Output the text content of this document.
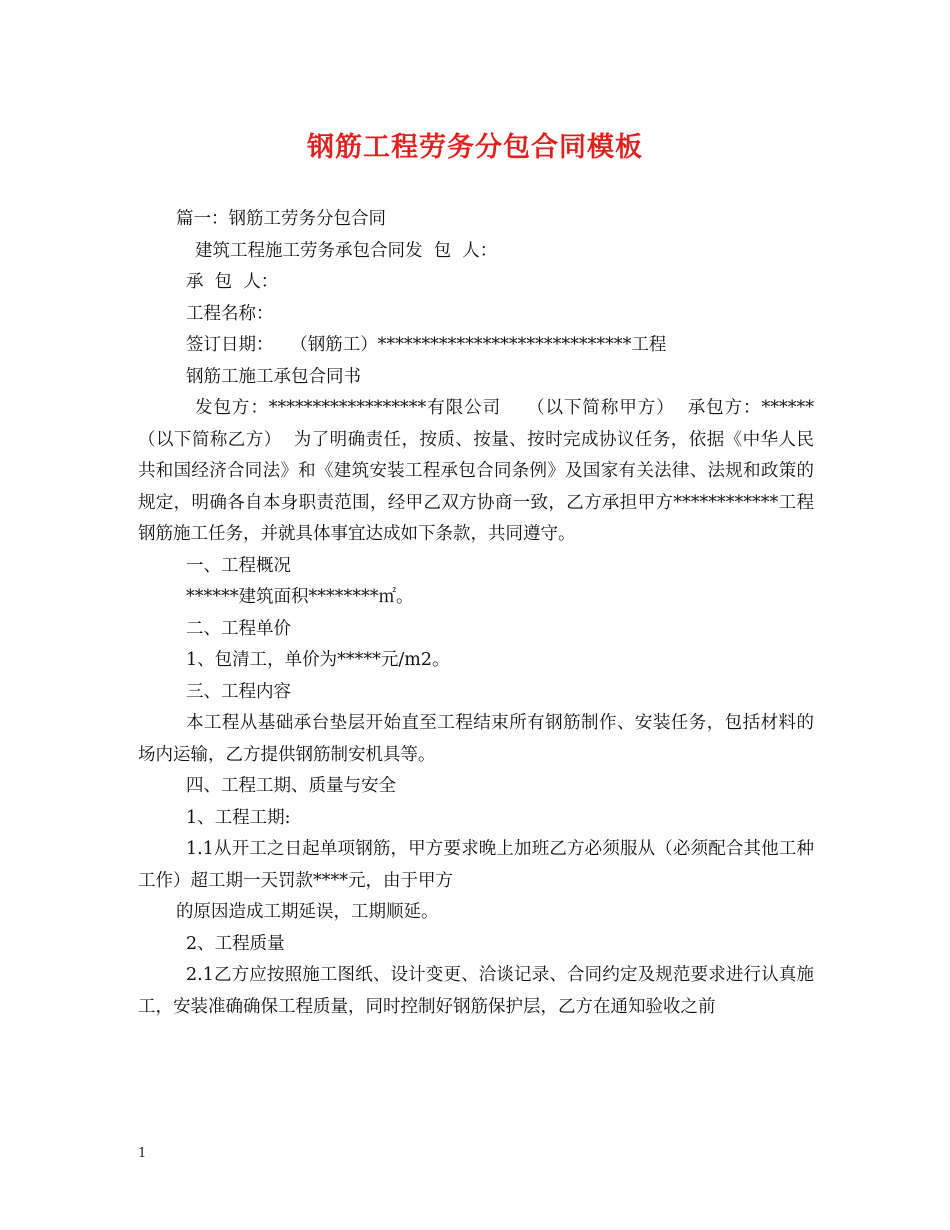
钢筋工程劳务分包合同模板

篇一：钢筋工劳务分包合同

建筑工程施工劳务承包合同发  包  人：

承  包  人：

工程名称：

签订日期：   （钢筋工）*****************************工程

钢筋工施工承包合同书

发包方：******************有限公司    （以下简称甲方）  承包方：****** （以下简称乙方）  为了明确责任，按质、按量、按时完成协议任务，依据《中华人民共和国经济合同法》和《建筑安装工程承包合同条例》及国家有关法律、法规和政策的规定，明确各自本身职责范围，经甲乙双方协商一致，乙方承担甲方************工程钢筋施工任务，并就具体事宜达成如下条款，共同遵守。

一、工程概况

******建筑面积********㎡。

二、工程单价

1、包清工，单价为*****元/m2。

三、工程内容

本工程从基础承台垫层开始直至工程结束所有钢筋制作、安装任务，包括材料的场内运输，乙方提供钢筋制安机具等。

四、工程工期、质量与安全

1、工程工期:

1.1从开工之日起单项钢筋，甲方要求晚上加班乙方必须服从（必须配合其他工种工作）超工期一天罚款****元，由于甲方

的原因造成工期延误，工期顺延。

2、工程质量

2.1乙方应按照施工图纸、设计变更、洽谈记录、合同约定及规范要求进行认真施工，安装准确确保工程质量，同时控制好钢筋保护层，乙方在通知验收之前

1
